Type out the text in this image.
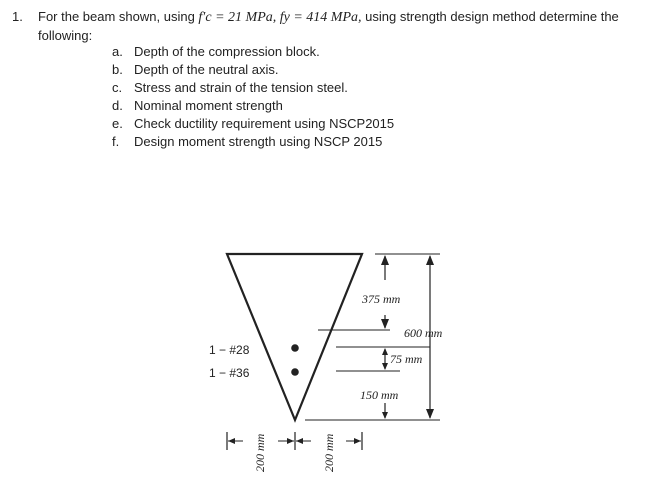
1. For the beam shown, using f′c = 21 MPa, fy = 414 MPa, using strength design method determine the following:
a. Depth of the compression block.
b. Depth of the neutral axis.
c. Stress and strain of the tension steel.
d. Nominal moment strength
e. Check ductility requirement using NSCP2015
f.	Design moment strength using NSCP 2015
1 − #28
1 − #36
375 mm
600 mm
75 mm
150 mm
200 mm	200 mm
